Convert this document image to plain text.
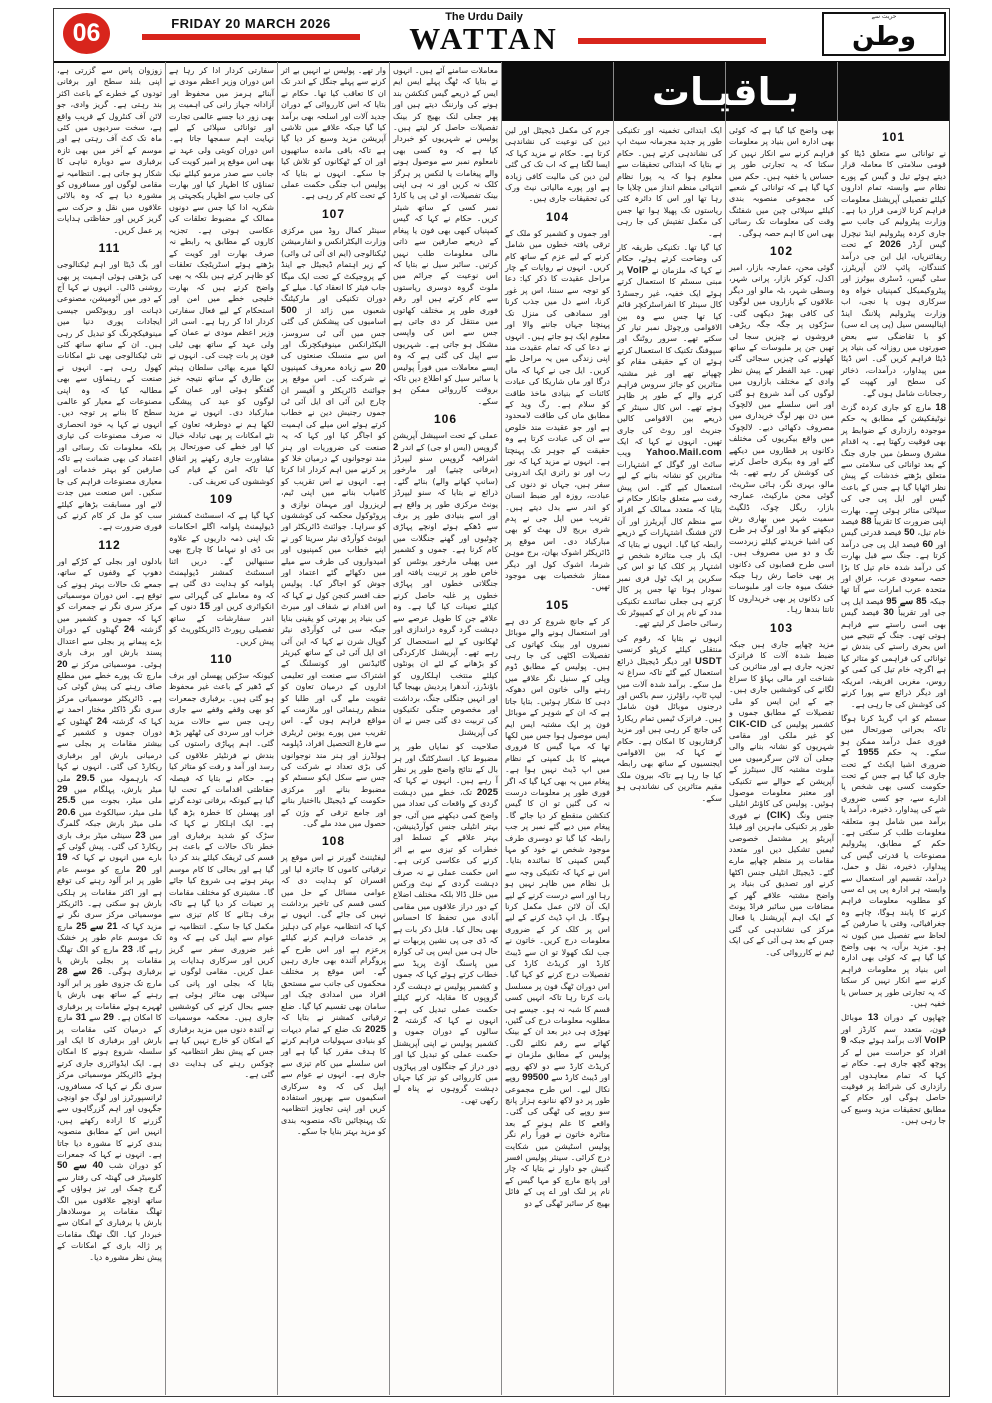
06	FRIDAY 20 MARCH 2026	The Urdu Daily
WATTAN
حریت سے
وطن
بـاقيـات

زوزوان پاس سے گزرتی ہے، اپنی بلند سطح اور برفانی تودوں کے خطرے کے باعث اکثر بند رہتی ہے۔ گریز وادی، جو لائن آف کنٹرول کے قریب واقع ہے، سخت سردیوں میں کئی ماہ تک کٹ آف رہتی ہے اور موسم کے آخر میں بھی تازہ برفباری سے دوبارہ تباہی کا شکار ہو جاتی ہے۔ انتظامیہ نے مقامی لوگوں اور مسافروں کو مشورہ دیا ہے کہ وہ بالائی علاقوں میں نقل و حرکت سے گریز کریں اور حفاظتی ہدایات پر عمل کریں۔

111

اور بگ ڈیٹا اور اہم ٹیکنالوجی کی بڑھتی ہوئی اہمیت پر بھی روشنی ڈالی۔ انہوں نے کہا آج کے دور میں آٹومیشن، مصنوعی ذہانت اور روبوٹکس جیسی ایجادات پوری دنیا میں مینوفیکچرنگ کو تبدیل کر رہی ہیں۔ ان کے ساتھ ساتھ کئی نئی ٹیکنالوجی بھی نئے امکانات کھول رہی ہے۔ انہوں نے صنعت کے رہنماؤں سے بھی مطالبہ کیا کہ وہ اپنی مصنوعات کے معیار کو عالمی سطح کا بنانے پر توجہ دیں۔ انہوں نے کہا یہ خود انحصاری نہ صرف مصنوعات کی تیاری بلکہ معلومات تک رسائی اور اعتماد کی بھی ضمانت ہے تاکہ صارفین کو بہتر خدمات اور معیاری مصنوعات فراہم کی جا سکیں۔ اس صنعت میں جدت لانے اور مسابقت بڑھانے کیلئے سب کو مل کر کام کرنے کی فوری ضرورت ہے۔

112

بادلوں اور بجلی کے کڑکے اور دھوپ کے وقفوں کے ساتھ، جمعے تک حالات بہتر ہونے کی توقع ہے۔ اس دوران موسمیاتی مرکز سری نگر نے جمعرات کو کہا کہ جموں و کشمیر میں گزشتہ 24 گھنٹوں کے دوران بڑے پیمانے پر بجلی سے اعتدال پسند بارش اور برف باری ہوئی۔ موسمیاتی مرکز نے 20 مارچ تک پورے خطے میں مطلع صاف رہنے کی پیش گوئی کی ہے۔ ڈائریکٹر موسمیاتی مرکز سری نگر ڈاکٹر مختار احمد نے کہا کہ گزشتہ 24 گھنٹوں کے دوران جموں و کشمیر کے بیشتر مقامات پر بجلی سے درمیانی بارش اور برفباری ریکارڈ کی گئی۔ انہوں نے کہا کہ بارہمولہ میں 29.5 ملی میٹر بارش، پہلگام میں 29 ملی میٹر، بجوت میں 25.5 ملی میٹر، سیالکوٹ میں 20.6 ملی میٹر بارش جبکہ گلمرگ میں 23 سینٹی میٹر برف باری ریکارڈ کی گئی۔ پیش گوئی کے بارے میں انہوں نے کہا کہ 19 اور 20 مارچ کو موسم عام طور پر ابر آلود رہنے کی توقع ہے اور اکثر مقامات پر ہلکی بارش ہو سکتی ہے۔ ڈائریکٹر موسمیاتی مرکز سری نگر نے مزید کہا کہ 21 سے 25 مارچ تک موسم عام طور پر خشک رہے گا، 23 مارچ کو الگ تھلگ مقامات پر بجلی بارش یا برفباری ہوگی۔ 26 سے 28 مارچ تک جزوی طور پر ابر آلود رہنے کے ساتھ بھی بارش یا ٹھہرے ہوئے مقامات پر برفباری کا امکان ہے۔ 29 سے 31 مارچ کے درمیان کئی مقامات پر بارش اور برفباری کا ایک اور سلسلہ شروع ہونے کا امکان ہے۔ ایک ایڈوائزری جاری کرتے ہوئے ڈائریکٹر موسمیاتی مرکز سری نگر نے کہا کہ مسافروں، ٹرانسپورٹرز اور لوگ جو اونچی جگہوں اور اہم گزرگاہوں سے گزرنے کا ارادہ رکھتے ہیں، انہیں اس کے مطابق منصوبہ بندی کرنے کا مشورہ دیا جاتا ہے۔ انہوں نے کہا کہ جمعرات کو دوران شب 40 سے 50 کلومیٹر فی گھنٹہ کی رفتار سے گرج چمک اور تیز ہواؤں کے ساتھ اونچے علاقوں میں الگ تھلگ مقامات پر موسلادھار بارش یا برفباری کے امکان سے خبردار کیا۔ الگ تھلگ مقامات پر ژالہ باری کے امکانات کے پیش نظر مشورہ دیا۔

سفارتی کردار ادا کر رہا ہے اس دوران وزیر اعظم مودی نے آبنائے ہرمز میں محفوظ اور آزادانہ جہاز رانی کی اہمیت پر بھی زور دیا جسے عالمی تجارت اور توانائی سپلائی کے لیے نہایت اہم سمجھا جاتا ہے۔ اس دوران کویتی ولی عہد نے بھی اس موقع پر امیر کویت کی جانب سے صدر مرمو کیلئے نیک تمناؤں کا اظہار کیا اور بھارت کی جانب سے اظہار یکجہتی پر شکریہ ادا کیا جس سے دونوں ممالک کے مضبوط تعلقات کی عکاسی ہوتی ہے۔ تجزیہ کاروں کے مطابق یہ رابطے نہ صرف بھارت اور کویت کے بڑھتے ہوئے اسٹریٹجک تعلقات کو ظاہر کرتے ہیں بلکہ یہ بھی واضح کرتے ہیں کہ بھارت خلیجی خطے میں امن اور استحکام کے لیے فعال سفارتی کردار ادا کر رہا ہے۔ اسی اثر وزیر اعظم مودی نے عمان کے ولی عہد کے ساتھ بھی ٹیلی فون پر بات چیت کی۔ انہوں نے لکھا میرے بھائی سلطان ہیثم بن طارق کے ساتھ نتیجہ خیز گفتگو ہوئی اور عمان کے لوگوں کو عید کی پیشگی مبارکباد دی۔ انہوں نے مزید لکھا ہم نے دوطرفہ تعاون کے نئے امکانات پر بھی تبادلہ خیال کیا اور خطے کی صورتحال پر مشاورت جاری رکھنے پر اتفاق کیا تاکہ امن کے قیام کی کوششوں کی تعریف کی۔

109

کہا گیا ہے کہ اسسٹنٹ کمشنر ڈیولپمنٹ پلوامہ اگلے احکامات تک اپنی ذمہ داریوں کے علاوہ بی ڈی او نیہاما کا چارج بھی سنبھالیں گے۔ دریں اثنا اسسٹنٹ کمشنر ڈیولپمنٹ پلوامہ کو ہدایت دی گئی ہے کہ وہ معاملے کی گہرائی سے انکوائری کریں اور 15 دنوں کے اندر سفارشات کے ساتھ تفصیلی رپورٹ ڈائریکٹوریٹ کو پیش کریں۔

110

کیونکہ سڑکیں پھسلن اور برف کے ڈھیر کے باعث غیر محفوظ ہو گئی ہیں۔ برفباری جمعرات کو بھی وقفے وقفے سے جاری رہی جس سے حالات مزید خراب اور سردی کی ٹھٹھر بڑھ گئی۔ اہم پہاڑی راستوں کی بندش نے فرنٹیئر علاقوں کی رسد اور آمد و رفت کو متاثر کیا ہے۔ حکام نے بتایا کہ فیصلہ حفاظتی اقدامات کے تحت لیا گیا ہے کیونکہ برفانی تودے گرنے اور پھسلن کا خطرہ بڑھ گیا ہے۔ ایک اہلکار نے کہا کہ سڑک کو شدید برفباری اور خطر ناک حالات کے باعث ہر قسم کی ٹریفک کیلئے بند کر دیا گیا ہے اور بحالی کا کام موسم بہتر ہوتے ہی شروع کیا جائے گا۔ مشینری کو مختلف مقامات پر تعینات کر دیا گیا ہے تاکہ برف ہٹانے کا کام تیزی سے مکمل کیا جا سکے۔ انتظامیہ نے عوام سے اپیل کی ہے کہ وہ غیر ضروری سفر سے گریز کریں اور سرکاری ہدایات پر عمل کریں۔ مقامی لوگوں نے بتایا کہ بجلی اور پانی کی سپلائی بھی متاثر ہوئی ہے جسے بحال کرنے کی کوششیں جاری ہیں۔ محکمہ موسمیات نے آئندہ دنوں میں مزید برفباری کے امکان کو خارج نہیں کیا ہے جس کے پیش نظر انتظامیہ کو چوکس رہنے کی ہدایت دی گئی ہے۔

وار تھے۔ پولیس نے انہیں بے اثر کرنے سے پہلے جنگل کے اندر تک ان کا تعاقب کیا تھا۔ حکام نے بتایا کہ اس کارروائی کے دوران جدید آلات اور اسلحہ بھی برآمد کیا گیا جبکہ علاقے میں تلاشی آپریشن مزید وسیع کر دیا گیا ہے تاکہ باقی ماندہ ساتھیوں اور ان کے ٹھکانوں کو تلاش کیا جا سکے۔ انہوں نے بتایا کہ پولیس اب جنگی حکمت عملی کے تحت کام کر رہی ہے۔

107

سینٹر کمال روڈ میں مرکزی وزارت الیکٹرانکس و انفارمیشن ٹیکنالوجی (ایم ای آئی ٹی وائی) کے زیر اہتمام ڈیجیٹل جے اینڈ کے پروجیکٹ کے تحت ایک میگا جاب فیئر کا انعقاد کیا۔ میلے کے دوران تکنیکی اور مارکیٹنگ شعبوں میں زائد از 500 اسامیوں کی پیشکش کی گئی جس میں آئی ٹی سروسز، الیکٹرانکس مینوفیکچرنگ اور اس سے منسلک صنعتوں کی 20 سے زیادہ معروف کمپنیوں نے شرکت کی۔ اس موقع پر جوائنٹ ڈائریکٹر و آفیسر ان چارج این آئی ای ایل آئی ٹی جموں رجنیش دین نے خطاب کرتے ہوئے اس میلے کی اہمیت کو اجاگر کیا اور کہا کہ یہ صنعت کی ضروریات اور ہنر مند نوجوانوں کے درمیان خلا کو پر کرنے میں اہم کردار ادا کرتا ہے۔ انہوں نے اس تقریب کو کامیاب بنانے میں اپنی ٹیم، لریزرول اور مہمان نوازی و پروٹوکول محکمہ کی کوششوں کو سراہا۔ جوائنٹ ڈائریکٹر اور ایونٹ کوآرڈی نیٹر سریتا کور نے اپنے خطاب میں کمپنیوں اور امیدواروں کی طرف سے میلے میں دکھائے گئے اعتماد اور جوش کو اجاگر کیا۔ پولیس حف افسر کنجن کول نے کہا کہ اس اقدام نے شفاف اور میرٹ کی بنیاد پر بھرتی کو یقینی بنایا جبکہ سی ٹی کوآرڈی نیٹر گوپال شرن نے کہا کہ این آئی ای ایل آئی ٹی کے ساتھ کیریئر گائیڈنس اور کونسلنگ کے اشتراک سے صنعت اور تعلیمی اداروں کے درمیان تعاون کو تقویت ملے گی اور طلبا کو منظم رہنمائی اور ملازمت کے مواقع فراہم ہوں گے۔ اس تقریب میں پورے یونین ٹریٹری سے فارغ التحصیل افراد، ڈپلومہ ہولڈرز اور ہنر مند نوجوانوں کی بڑی تعداد نے شرکت کی جس سے سکل ایکو سسٹم کو مضبوط بنانے اور مرکزی حکومت کے ڈیجیٹل بااختیار بنانے اور جامع ترقی کے وژن کے حصول میں مدد ملے گی۔

108

لیفٹیننٹ گورنر نے اس موقع پر ترقیاتی کاموں کا جائزہ لیا اور افسران کو ہدایت دی کہ عوامی مسائل کے حل میں کسی قسم کی تاخیر برداشت نہیں کی جائے گی۔ انہوں نے کہا کہ انتظامیہ عوام کی دہلیز پر خدمات فراہم کرنے کیلئے پرعزم ہے اور اس طرح کے پروگرام آئندہ بھی جاری رہیں گے۔ اس موقع پر مختلف محکموں کی جانب سے مستحق افراد میں امدادی چیک اور سامان بھی تقسیم کیا گیا۔ ضلع ترقیاتی کمشنر نے بتایا کہ 2025 تک ضلع کے تمام دیہات کو بنیادی سہولیات فراہم کرنے کا ہدف مقرر کیا گیا ہے اور اس سلسلے میں کام تیزی سے جاری ہے۔ انہوں نے عوام سے اپیل کی کہ وہ سرکاری اسکیموں سے بھرپور استفادہ کریں اور اپنی تجاویز انتظامیہ تک پہنچائیں تاکہ منصوبہ بندی کو مزید بہتر بنایا جا سکے۔

معاملات سامنے آئے ہیں۔ انہوں نے بتایا کہ ٹھگ پہلے ایس ایم ایس کے ذریعے گیس کنکشن بند ہونے کی وارننگ دیتے ہیں اور پھر جعلی لنک بھیج کر بینک تفصیلات حاصل کر لیتے ہیں۔ پولیس نے شہریوں کو خبردار کیا ہے کہ وہ کسی بھی نامعلوم نمبر سے موصول ہونے والے پیغامات یا لنکس پر ہرگز کلک نہ کریں اور نہ ہی اپنی بینک تفصیلات، او ٹی پی یا کارڈ نمبر کسی کے ساتھ شیئر کریں۔ حکام نے کہا کہ گیس کمپنیاں کبھی بھی فون یا پیغام کے ذریعے صارفین سے ذاتی مالی معلومات طلب نہیں کرتیں۔ سائبر سیل نے بتایا کہ اس نوعیت کے جرائم میں ملوث گروہ دوسری ریاستوں سے کام کرتے ہیں اور رقم فوری طور پر مختلف کھاتوں میں منتقل کر دی جاتی ہے جس سے اس کی واپسی مشکل ہو جاتی ہے۔ شہریوں سے اپیل کی گئی ہے کہ وہ ایسے معاملات میں فوراً پولیس یا سائبر سیل کو اطلاع دیں تاکہ بروقت کارروائی ممکن ہو سکے۔

106

عملی کے تحت اسپیشل آپریشن گروپس (ایس او جی) کے اندر 2 اشرافیہ گروپس سنو لیپرڈز (برفانی چیتے) اور مارخور (سانپ کھانے والے) بنائے گئے۔ ذرائع نے بتایا کہ سنو لیپرڈز یونٹ مرکزی طور پر واقع ہے اور اسے بنیادی طور پر برف سے ڈھکے ہوئے اونچے پہاڑی چوٹیوں اور گھنے جنگلات میں کام کرنا ہے۔ جموں و کشمیر میں پھیلی مارخور یونٹس کو خاص طور پر تربیت یافتہ اور جنگلاتی خطوں اور پہاڑی خطوں پر غلبہ حاصل کرنے کیلئے تعینات کیا گیا ہے۔ وہ علاقے جن کا طویل عرصے سے دہشت گرد گروہ دراندازی اور ٹھکانوں کے لیے استحصال کر رہے تھے۔ آپریشنل کارکردگی کو بڑھانے کے لئے ان یونٹوں کیلئے منتخب اہلکاروں کو باؤنڈرز، آندھرا پردیش بھیجا گیا اور انہیں جنگلی جنگ، برداشت اور مخصوص جنگی تکنیکوں کی تربیت دی گئی جس نے ان کی آپریشنل

صلاحیت کو نمایاں طور پر مضبوط کیا۔ انسٹرکٹنگ اور ہر بال کے نتائج واضح طور پر نظر آ رہے ہیں۔ انہوں نے کہا کہ 2025 تک، خطے میں دہشت گردی کے واقعات کی تعداد میں واضح کمی دیکھنے میں آئی، جو بہتر انٹیلی جنس کوآرڈینیشن، بہتر علاقے کے تسلط اور خطرات کو تیزی سے بے اثر کرنے کی عکاسی کرتی ہے۔ اس حکمت عملی نے نہ صرف دہشت گردی کے نیٹ ورکس میں خلل ڈالا بلکہ مختلف اضلاع کے دور دراز علاقوں میں مقامی آبادی میں تحفظ کا احساس بھی بحال کیا۔ قابل ذکر بات ہے کہ ڈی جی پی نشین پربھات نے حال ہی میں ایس پی ٹی کوارہ میں پاسنگ آؤٹ پریڈ سے خطاب کرتے ہوئے کہا کہ جموں و کشمیر پولیس نے دہشت گرد گروپوں کا مقابلہ کرنے کیلئے حکمت عملی تبدیل کی ہے۔ انہوں نے کہا کہ گزشتہ 2 سالوں کے دوران جموں و کشمیر پولیس نے اپنی آپریشنل حکمت عملی کو تبدیل کیا اور دور دراز کے جنگلوں اور پہاڑوں میں کارروائی کو تیز کیا جہاں دہشت گروہوں نے پناہ لے رکھی تھی۔

جرم کی مکمل ڈیجیٹل اور لین دین کی نوعیت کی نشاندہی کرتا ہے۔ حکام نے مزید کہا کہ ایسا لگتا ہے کہ اب تک کی گئی لین دین کی مالیت کافی زیادہ ہے اور پورے مالیاتی نیٹ ورک کی تحقیقات جاری ہیں۔

104

اور جموں و کشمیر کو ملک کے ترقی یافتہ خطوں میں شامل کرنے کے لیے عزم کے ساتھ کام کریں۔ انہوں نے روایات کے چار مراحل عقیدت کا ذکر کیا: دعا کو توجہ سے سننا، اس پر غور کرنا، اسے دل میں جذب کرنا اور سمادھی کی منزل تک پہنچنا جہاں جاننے والا اور معلوم ایک ہو جاتے ہیں۔ انہوں نے دعا کی کہ تمام عقیدت مند اپنی زندگی میں یہ مراحل طے کریں۔ ایل جی نے کہا کہ ماں درگا اور ماں شاریکا کی عبادت کائنات کے بنیادی ماخذ طاقت کو سلام ہے۔ رگ وید کے مطابق ماں کی طاقت لامحدود ہے اور جو عقیدت مند خلوص سے ان کی عبادت کرتا ہے وہ حقیقت کے جوہر تک پہنچتا ہے۔ انہوں نے مزید کہا کہ نور رب اور نو راتری ایک اندرونی سفر ہیں، جہاں نو دنوں کی عبادت، روزہ اور ضبط انسان کو اندر سے بدل دیتے ہیں۔ تقریب میں ایل جی نے پدم شری بریج لال بھٹ کو بھی مبارکباد دی۔ اس موقع پر ڈائریکٹر اشوک بھان، برج موہن شرما، اشوک کول اور دیگر ممتاز شخصیات بھی موجود تھیں۔

105

کر کے جانچ شروع کر دی ہے اور استعمال ہونے والے موبائل نمبروں اور بینک کھاتوں کی تفصیلات اکٹھی کی جا رہی ہیں۔ پولیس کے مطابق ڈوم وپلی کے سنیل نگر علاقے میں رہنے والی خاتون اس دھوکہ دہی کا شکار ہوئیں۔ بتایا جاتا ہے کہ ان کے شوہر کے موبائل فون پر ایک مشتبہ ایس ایم ایس موصول ہوا جس میں لکھا تھا کہ مہا گیس کا فروری مہینے کا بل کمپنی کے نظام میں اپ ڈیٹ نہیں ہوا ہے۔ پیغام میں یہ بھی کہا گیا کہ اگر فوری طور پر معلومات درست نہ کی گئیں تو ان کا گیس کنکشن منقطع کر دیا جائے گا۔ پیغام میں دیے گئے نمبر پر جب رابطہ کیا گیا تو دوسری طرف موجود شخص نے خود کو مہا گیس کمپنی کا نمائندہ بتایا۔ اس نے کہا کہ تکنیکی وجہ سے بل نظام میں ظاہر نہیں ہو رہا اور اسے درست کرنے کے لیے ایک آن لائن عمل مکمل کرنا ہوگا۔ بل اپ ڈیٹ کرنے کے لیے اس پر کلک کر کے ضروری معلومات درج کریں۔ خاتون نے جب لنک کھولا تو ان سے ڈیبٹ کارڈ اور کریڈٹ کارڈ کی تفصیلات درج کرنے کو کہا گیا۔ اس دوران ٹھگ فون پر مسلسل بات کرتا رہا تاکہ انہیں کسی قسم کا شبہ نہ ہو۔ جیسے ہی مطلوبہ معلومات درج کی گئیں، تھوڑی ہی دیر بعد ان کے بینک کھاتے سے رقم نکلنے لگی۔ پولیس کے مطابق ملزمان نے کریڈٹ کارڈ سے دو لاکھ روپے اور ڈیبٹ کارڈ سے 99500 روپے نکال لیے۔ اس طرح مجموعی طور پر دو لاکھ ننانوے ہزار پانچ سو روپے کی ٹھگی کی گئی۔ واقعے کا علم ہونے کے بعد متاثرہ خاتون نے فوراً رام نگر پولیس اسٹیشن میں شکایت درج کرائی۔ سینئر پولیس افسر گنیش جو داوار نے بتایا کہ چار اور پانچ مارچ کو مہا گیس کے نام پر لنک اور اے پی کے فائل بھیج کر سائبر ٹھگی کے دو

ایک ابتدائی تخمینہ اور تکنیکی طور پر جدید مجرمانہ سیٹ اپ کی نشاندہی کرتے ہیں۔ حکام نے بتایا کہ ابتدائی تحقیقات سے معلوم ہوا کہ یہ پورا نظام انتہائی منظم انداز میں چلایا جا رہا تھا اور اس کا دائرہ کئی ریاستوں تک پھیلا ہوا تھا جس کی مکمل تفتیش کی جا رہی ہے۔

کیا گیا تھا۔ تکنیکی طریقہ کار کی وضاحت کرتے ہوئے، حکام نے کہا کہ ملزمان نے VoIP پر مبنی سسٹم کا استعمال کرتے ہوئے ایک خفیہ، غیر رجسٹرڈ کال سینٹر کا انفراسٹرکچر قائم کیا تھا جس سے وہ بین الاقوامی ورچوئل نمبر تیار کر سکتے تھے۔ سرور روٹنگ اور سپوفنگ تکنیک کا استعمال کرتے ہوئے ان کے حقیقی مقام کو چھپاتے تھے اور غیر مشتبہ متاثرین کو جائز سروس فراہم کرنے والے کے طور پر ظاہر ہوتے تھے۔ اس کال سینٹر کے ذریعے بین الاقوامی کالیں جنریٹ اور روٹ کی جاری تھیں۔ انہوں نے کہا کہ ایک Yahoo.Mail.com ویب سائٹ اور گوگل کے اشتہارات متاثرین کو نشانہ بنانے کے لیے استعمال کیے گئے۔ اس پیش رفت سے متعلق جانکار حکام نے بتایا کہ متعدد ممالک کے افراد سے منظم کال آپریٹرز اور آن لائن فشنگ اشتہارات کے ذریعے رابطہ کیا گیا۔ انہوں نے بتایا کہ ایک بار جب متاثرہ شخص نے اشتہار پر کلک کیا تو اس کی سکرین پر ایک ٹول فری نمبر نمودار ہوتا تھا جس پر کال کرتے ہی جعلی نمائندے تکنیکی مدد کے نام پر ان کے کمپیوٹر تک رسائی حاصل کر لیتے تھے۔

انہوں نے بتایا کہ رقوم کی منتقلی کیلئے کرپٹو کرنسی USDT اور دیگر ڈیجیٹل ذرائع استعمال کیے گئے تاکہ سراغ نہ مل سکے۔ برآمد شدہ آلات میں لیپ ٹاپ، راؤٹرز، سم باکس اور درجنوں موبائل فون شامل ہیں۔ فرانزک ٹیمیں تمام ریکارڈ کی جانچ کر رہی ہیں اور مزید گرفتاریوں کا امکان ہے۔ حکام نے کہا کہ بین الاقوامی ایجنسیوں کے ساتھ بھی رابطہ کیا جا رہا ہے تاکہ بیرون ملک مقیم متاثرین کی نشاندہی ہو سکے۔

بھی واضح کیا گیا ہے کہ کوئی بھی ادارہ اس بنیاد پر معلومات فراہم کرنے سے انکار نہیں کر سکتا کہ یہ تجارتی طور پر حساس یا خفیہ ہیں۔ حکم میں کہا گیا ہے کہ توانائی کے شعبے کی مجموعی منصوبہ بندی کیلئے سپلائی چین میں شفٹنگ وقت کی معلومات تک رسائی بھی اس کا اہم حصہ ہوگی۔

102

گوئی محن، عمارجہ بازار، امیر اکدل، کوکر بازار، پرانی شہر، وسطی شہر، بٹہ مالو اور دیگر علاقوں کے بازاروں میں لوگوں کی کافی بھیڑ دیکھی گئی۔ سڑکوں پر جگہ جگہ ریڑھی فروشوں نے چیزیں سجا لی تھیں جن پر ملبوسات کے ساتھ کھلونے کی چیزیں سجائی گئی تھیں۔ عید الفطر کے پیش نظر وادی کے مختلف بازاروں میں لوگوں کی آمد شروع ہو گئی اور اس سلسلے میں لالچوک میں دن بھر لوگ خریداری میں مصروف دکھائی دیے۔ لالچوک میں واقع بیکریوں کی مختلف دکانوں پر قطاروں میں دیکھے گئے اور وہ بیکری حاصل کرنے کی کوشش کر رہے تھے۔ بٹہ مالو، بہری نگر، ہائی سٹریٹ، گوئی محن مارکیٹ، عمارجہ بازار، ریگل چوک، ڈلگیٹ سمیت شہر میں بھاری رش دیکھنے کو ملا اور لوگ ہر طرح کی اشیا خریدنے کیلئے زبردست تگ و دو میں مصروف ہیں۔ اسی طرح قصابوں کی دکانوں پر بھی خاصا رش رہا جبکہ خشک میوہ جات اور ملبوسات کی دکانوں پر بھی خریداروں کا تانتا بندھا رہا۔

103

مزید چھاپے جاری ہیں جبکہ ضبط شدہ آلات کا فرانزک تجزیہ جاری ہے اور متاثرین کی شناخت اور مالی بہاؤ کا سراغ لگانے کی کوششیں جاری ہیں۔ جے کے این ایس کو ملی تفصیلات کے مطابق جموں و کشمیر پولیس کی CIK-CID کو غیر ملکی اور مقامی شہریوں کو نشانہ بنانے والی جعلی آن لائن سرگرمیوں میں ملوث مشتبہ کال سینٹرز کے آپریشن کے حوالے سے تکنیکی اور معتبر معلومات موصول ہوئیں۔ پولیس کی کاؤنٹر انٹیلی جنس ونگ (CIK) نے فوری طور پر تکنیکی ماہرین اور فیلڈ آپریٹو پر مشتمل خصوصی ٹیمیں تشکیل دیں اور متعدد مقامات پر منظم چھاپے مارے گئے۔ ڈیجیٹل انٹیلی جنس اکٹھا کرنے اور تصدیق کی بنیاد پر واضح مشتبہ علاقے گھر کے مضافات میں سائبر فراڈ یونٹ کے ایک اہم آپریشنل یا فعال مرکز کی نشاندہی کی گئی جس کے بعد ہی آئی کے کی ایک ٹیم نے کارروائی کی۔

101

نے توانائی سے متعلق ڈیٹا کو قومی سلامتی کا معاملہ قرار دیتے ہوئے تیل و گیس کے پورے نظام سے وابستہ تمام اداروں کیلئے تفصیلی آپریشنل معلومات فراہم کرنا لازمی قرار دیا ہے۔ وزارت پیٹرولیم کی جانب سے جاری کردہ پیٹرولیم اینڈ نیچرل گیس آرڈر 2026 کے تحت ریفائنریاں، ایل این جی درآمد کنندگان، پائپ لائن آپریٹرز، سٹی گیس، ڈسٹری بیوٹرز اور پیٹروکیمیکل کمپنیاں خواہ وہ سرکاری ہوں یا نجی، اب وزارت پیٹرولیم پلاننگ اینڈ اینالیسس سیل (پی پی اے سی) کو با تقاضگی سے بعض صورتوں میں روزانہ کی بنیاد پر ڈیٹا فراہم کریں گی۔ اس ڈیٹا میں پیداوار، درآمدات، ذخائر کی سطح اور کھپت کے رجحانات شامل ہوں گے۔

18 مارچ کو جاری کردہ گزٹ نوٹیفکیشن کے مطابق یہ حکم موجودہ رازداری کے ضوابط پر بھی فوقیت رکھتا ہے۔ یہ اقدام مشرق وسطیٰ میں جاری جنگ کے بعد توانائی کی سلامتی سے متعلق بڑھتے خدشات کے پیش نظر اٹھایا گیا ہے جس کے باعث گیس اور ایل پی جی کی سپلائی متاثر ہوئی ہے۔ بھارت اپنی ضرورت کا تقریباً 88 فیصد خام تیل، 50 فیصد قدرتی گیس اور 60 فیصد ایل پی جی درآمد کرتا ہے۔ جنگ سے قبل بھارت کی درآمد شدہ خام تیل کا بڑا حصہ سعودی عرب، عراق اور متحدہ عرب امارات سے آتا تھا جبکہ 85 سے 95 فیصد ایل پی جی اور تقریباً 30 فیصد گیس بھی اسی راستے سے فراہم ہوتی تھی۔ جنگ کے نتیجے میں اس بحری راستے کی بندش نے توانائی کی فراہمی کو متاثر کیا ہے اگرچہ خام تیل کی کمی کو روس، مغربی افریقہ، امریکہ اور دیگر ذرائع سے پورا کرنے کی کوشش کی جا رہی ہے۔

سسٹم کو اپ گریڈ کرنا ہوگا تاکہ بحرانی صورتحال میں فوری عمل درآمد ممکن ہو سکے۔ یہ حکم 1955 کے ضروری اشیا ایکٹ کے تحت جاری کیا گیا ہے جس کے تحت حکومت کسی بھی شخص یا ادارے سے، جو کسی ضروری شے کی پیداوار، ذخیرہ، درآمد یا برآمد میں شامل ہو، متعلقہ معلومات طلب کر سکتی ہے۔ حکم کے مطابق، پیٹرولیم مصنوعات یا قدرتی گیس کی پیداوار، ذخیرہ، نقل و حمل، درآمد، تقسیم اور استعمال سے وابستہ ہر ادارہ پی پی اے سی کو مطلوبہ معلومات فراہم کرنے کا پابند ہوگا، چاہے وہ جغرافیائی، وقتی یا صارفین کے لحاظ سے تفصیل میں کیوں نہ ہو۔ مزید برآں، یہ بھی واضح کیا گیا ہے کہ کوئی بھی ادارہ اس بنیاد پر معلومات فراہم کرنے سے انکار نہیں کر سکتا کہ یہ تجارتی طور پر حساس یا خفیہ ہیں۔

چھاپوں کے دوران 13 موبائل فون، متعدد سم کارڈز اور VoIP آلات برآمد ہوئے جبکہ 9 افراد کو حراست میں لے کر پوچھ گچھ جاری ہے۔ حکام نے کہا کہ تمام معاہدوں اور رازداری کی شرائط پر فوقیت حاصل ہوگی اور حکام کے مطابق تحقیقات مزید وسیع کی جا رہی ہیں۔
